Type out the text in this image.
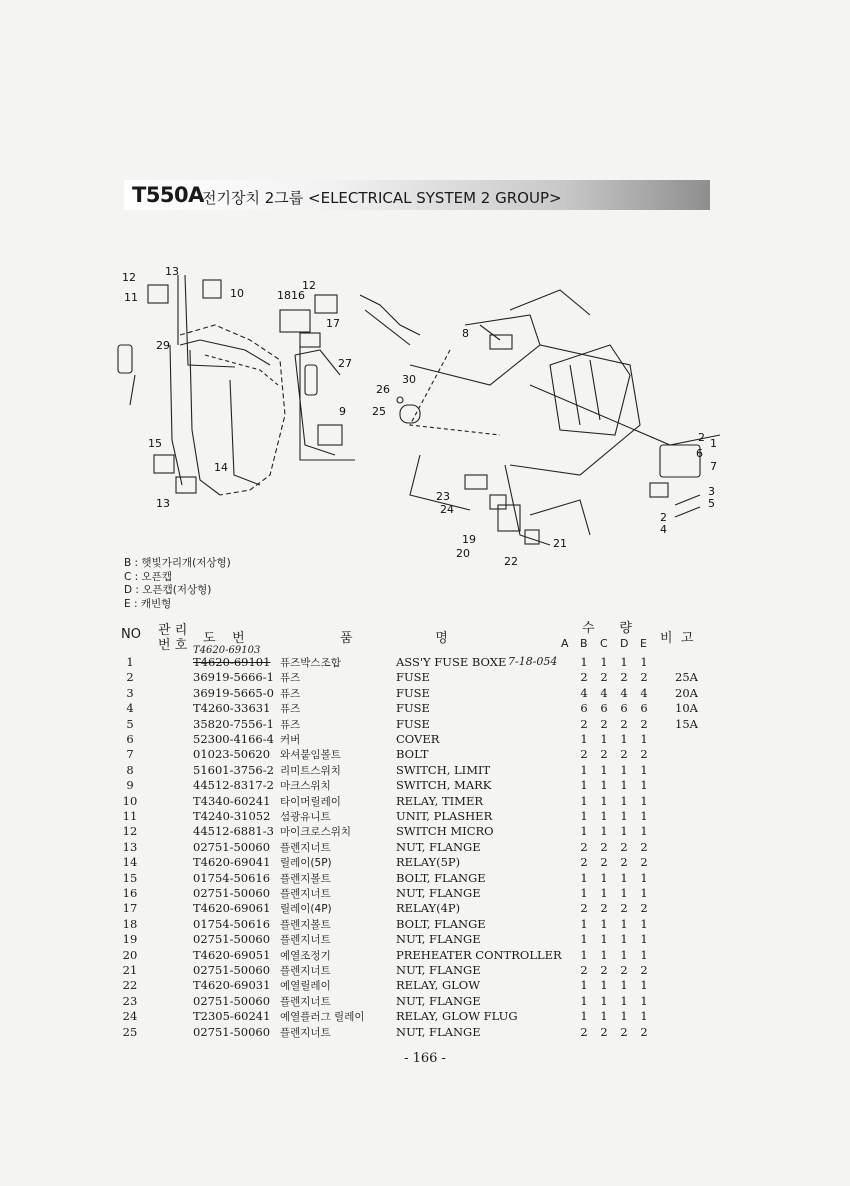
T550A
전기장치 2그룹 <ELECTRICAL SYSTEM 2 GROUP>
12	13
11	10	18 16
12
17
29
27
9
15
14
13
8
30
26
25
2 1
6
7
3
2
5
4
23
24
19
20
21
22
B : 햇빛가리개(저상형)
C : 오픈캡
D : 오픈캡(저상형)
E : 캐빈형
NO 관 리
번 호 도    번	품                    명
수      량
A B C D E 비  고
T4620-69103
7-18-054
1	T4620-69101 퓨즈박스조합	ASS'Y FUSE BOXE	1 1 1 1
2	36919-5666-1 퓨즈	FUSE	2 2 2 2 25A
3	36919-5665-0 퓨즈	FUSE	4 4 4 4 20A
4	T4260-33631 퓨즈	FUSE	6 6 6 6 10A
5	35820-7556-1 퓨즈	FUSE	2 2 2 2 15A
6	52300-4166-4 커버	COVER	1 1 1 1
7	01023-50620 와셔붙임볼트	BOLT	2 2 2 2
8	51601-3756-2 리미트스위치	SWITCH, LIMIT	1 1 1 1
9	44512-8317-2 마크스위치	SWITCH, MARK	1 1 1 1
10	T4340-60241 타이머릴레이	RELAY, TIMER	1 1 1 1
11	T4240-31052 섬광유니트	UNIT, PLASHER	1 1 1 1
12	44512-6881-3 마이크로스위치	SWITCH MICRO	1 1 1 1
13	02751-50060 플렌지너트	NUT, FLANGE	2 2 2 2
14	T4620-69041 릴레이(5P)	RELAY(5P)	2 2 2 2
15	01754-50616 플렌지볼트	BOLT, FLANGE	1 1 1 1
16	02751-50060 플렌지너트	NUT, FLANGE	1 1 1 1
17	T4620-69061 릴레이(4P)	RELAY(4P)	2 2 2 2
18	01754-50616 플렌지볼트	BOLT, FLANGE	1 1 1 1
19	02751-50060 플렌지너트	NUT, FLANGE	1 1 1 1
20	T4620-69051 예열조정기	PREHEATER CONTROLLER 1 1 1 1
21	02751-50060 플렌지너트	NUT, FLANGE	2 2 2 2
22	T4620-69031 예열릴레이	RELAY, GLOW	1 1 1 1
23	02751-50060 플렌지너트	NUT, FLANGE	1 1 1 1
24	T2305-60241 예열플러그 릴레이	RELAY, GLOW FLUG	1 1 1 1
25	02751-50060 플렌지너트	NUT, FLANGE	2 2 2 2
- 166 -
